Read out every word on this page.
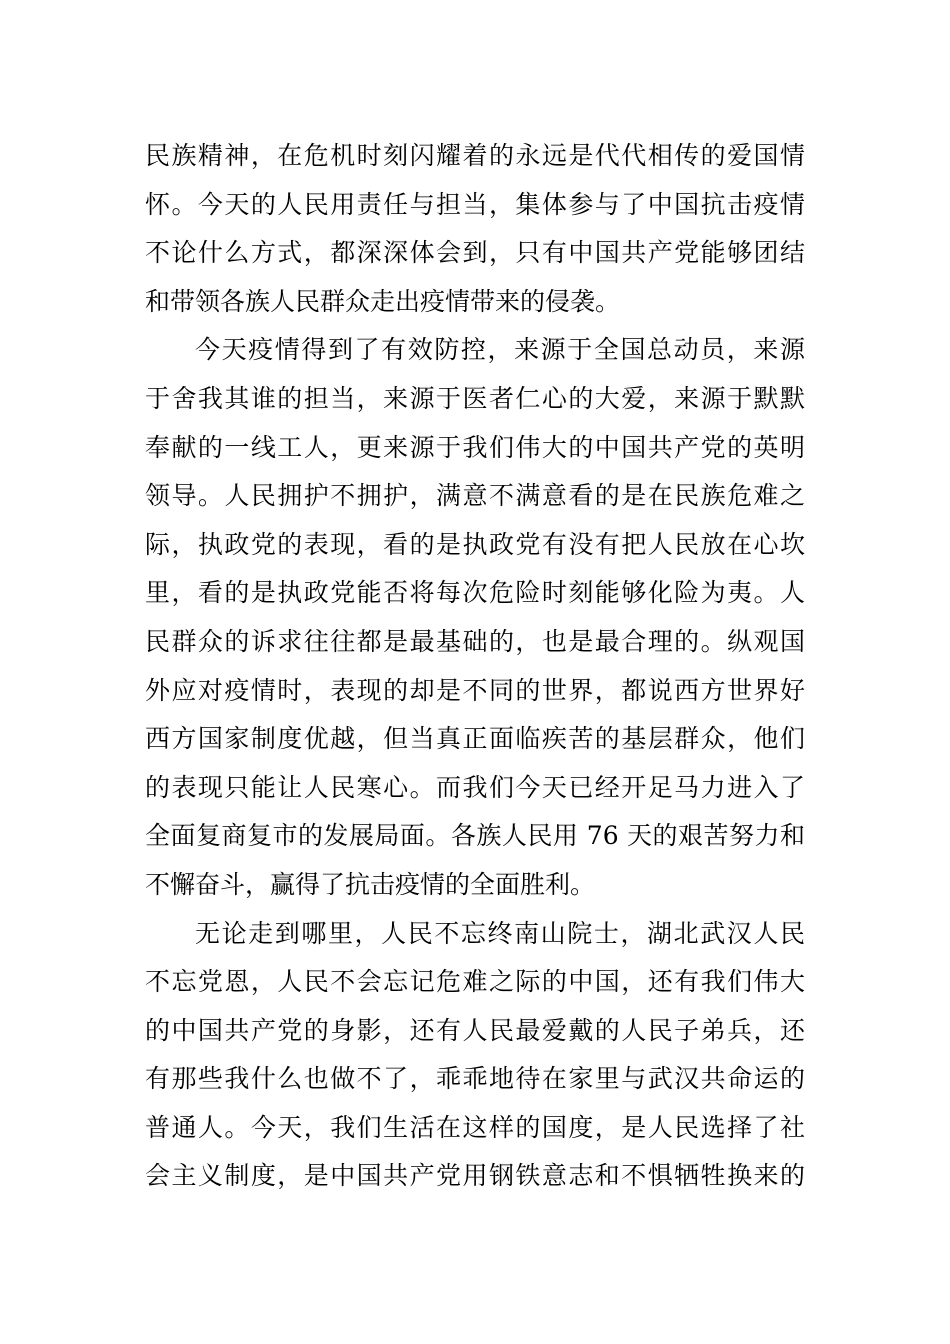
民族精神，在危机时刻闪耀着的永远是代代相传的爱国情
怀。今天的人民用责任与担当，集体参与了中国抗击疫情
不论什么方式，都深深体会到，只有中国共产党能够团结
和带领各族人民群众走出疫情带来的侵袭。
今天疫情得到了有效防控，来源于全国总动员，来源
于舍我其谁的担当，来源于医者仁心的大爱，来源于默默
奉献的一线工人，更来源于我们伟大的中国共产党的英明
领导。人民拥护不拥护，满意不满意看的是在民族危难之
际，执政党的表现，看的是执政党有没有把人民放在心坎
里，看的是执政党能否将每次危险时刻能够化险为夷。人
民群众的诉求往往都是最基础的，也是最合理的。纵观国
外应对疫情时，表现的却是不同的世界，都说西方世界好
西方国家制度优越，但当真正面临疾苦的基层群众，他们
的表现只能让人民寒心。而我们今天已经开足马力进入了
全面复商复市的发展局面。各族人民用 76 天的艰苦努力和
不懈奋斗，赢得了抗击疫情的全面胜利。
无论走到哪里，人民不忘终南山院士，湖北武汉人民
不忘党恩，人民不会忘记危难之际的中国，还有我们伟大
的中国共产党的身影，还有人民最爱戴的人民子弟兵，还
有那些我什么也做不了，乖乖地待在家里与武汉共命运的
普通人。今天，我们生活在这样的国度，是人民选择了社
会主义制度，是中国共产党用钢铁意志和不惧牺牲换来的
